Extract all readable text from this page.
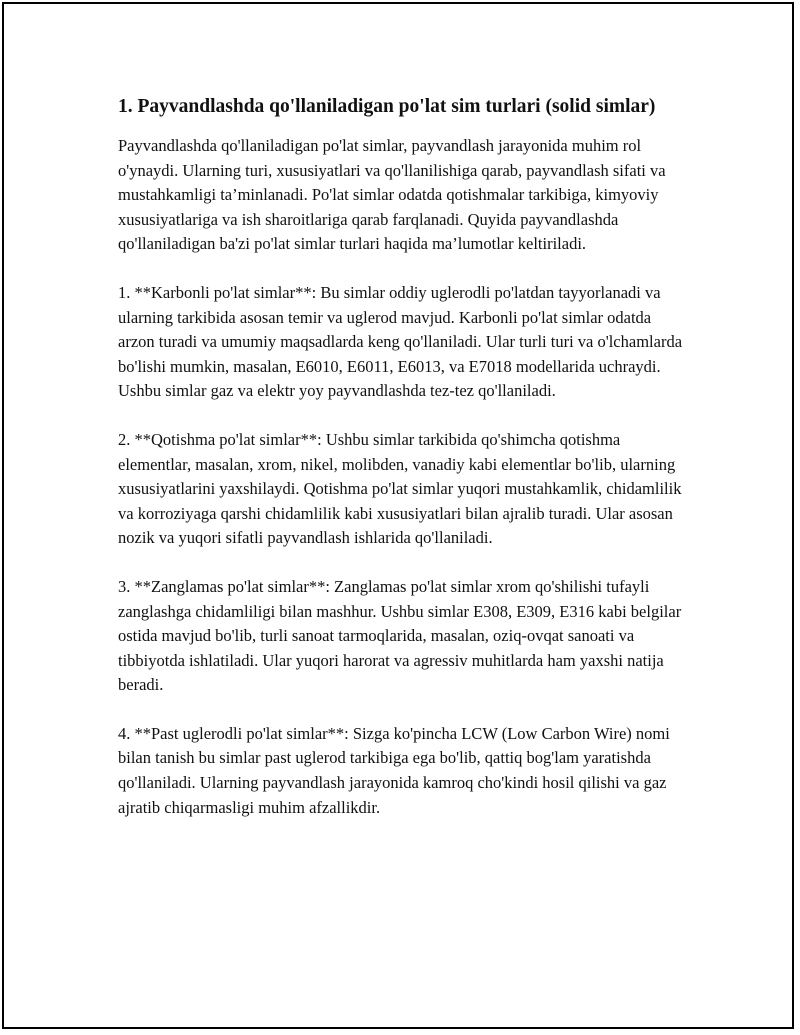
1. Payvandlashda qo'llaniladigan po'lat sim turlari (solid simlar)

Payvandlashda qo'llaniladigan po'lat simlar, payvandlash jarayonida muhim rol o'ynaydi. Ularning turi, xususiyatlari va qo'llanilishiga qarab, payvandlash sifati va mustahkamligi ta’minlanadi. Po'lat simlar odatda qotishmalar tarkibiga, kimyoviy xususiyatlariga va ish sharoitlariga qarab farqlanadi. Quyida payvandlashda qo'llaniladigan ba'zi po'lat simlar turlari haqida ma’lumotlar keltiriladi.

1. **Karbonli po'lat simlar**: Bu simlar oddiy uglerodli po'latdan tayyorlanadi va ularning tarkibida asosan temir va uglerod mavjud. Karbonli po'lat simlar odatda arzon turadi va umumiy maqsadlarda keng qo'llaniladi. Ular turli turi va o'lchamlarda bo'lishi mumkin, masalan, E6010, E6011, E6013, va E7018 modellarida uchraydi. Ushbu simlar gaz va elektr yoy payvandlashda tez-tez qo'llaniladi.

2. **Qotishma po'lat simlar**: Ushbu simlar tarkibida qo'shimcha qotishma elementlar, masalan, xrom, nikel, molibden, vanadiy kabi elementlar bo'lib, ularning xususiyatlarini yaxshilaydi. Qotishma po'lat simlar yuqori mustahkamlik, chidamlilik va korroziyaga qarshi chidamlilik kabi xususiyatlari bilan ajralib turadi. Ular asosan nozik va yuqori sifatli payvandlash ishlarida qo'llaniladi.

3. **Zanglamas po'lat simlar**: Zanglamas po'lat simlar xrom qo'shilishi tufayli zanglashga chidamliligi bilan mashhur. Ushbu simlar E308, E309, E316 kabi belgilar ostida mavjud bo'lib, turli sanoat tarmoqlarida, masalan, oziq-ovqat sanoati va tibbiyotda ishlatiladi. Ular yuqori harorat va agressiv muhitlarda ham yaxshi natija beradi.

4. **Past uglerodli po'lat simlar**: Sizga ko'pincha LCW (Low Carbon Wire) nomi bilan tanish bu simlar past uglerod tarkibiga ega bo'lib, qattiq bog'lam yaratishda qo'llaniladi. Ularning payvandlash jarayonida kamroq cho'kindi hosil qilishi va gaz ajratib chiqarmasligi muhim afzallikdir.
